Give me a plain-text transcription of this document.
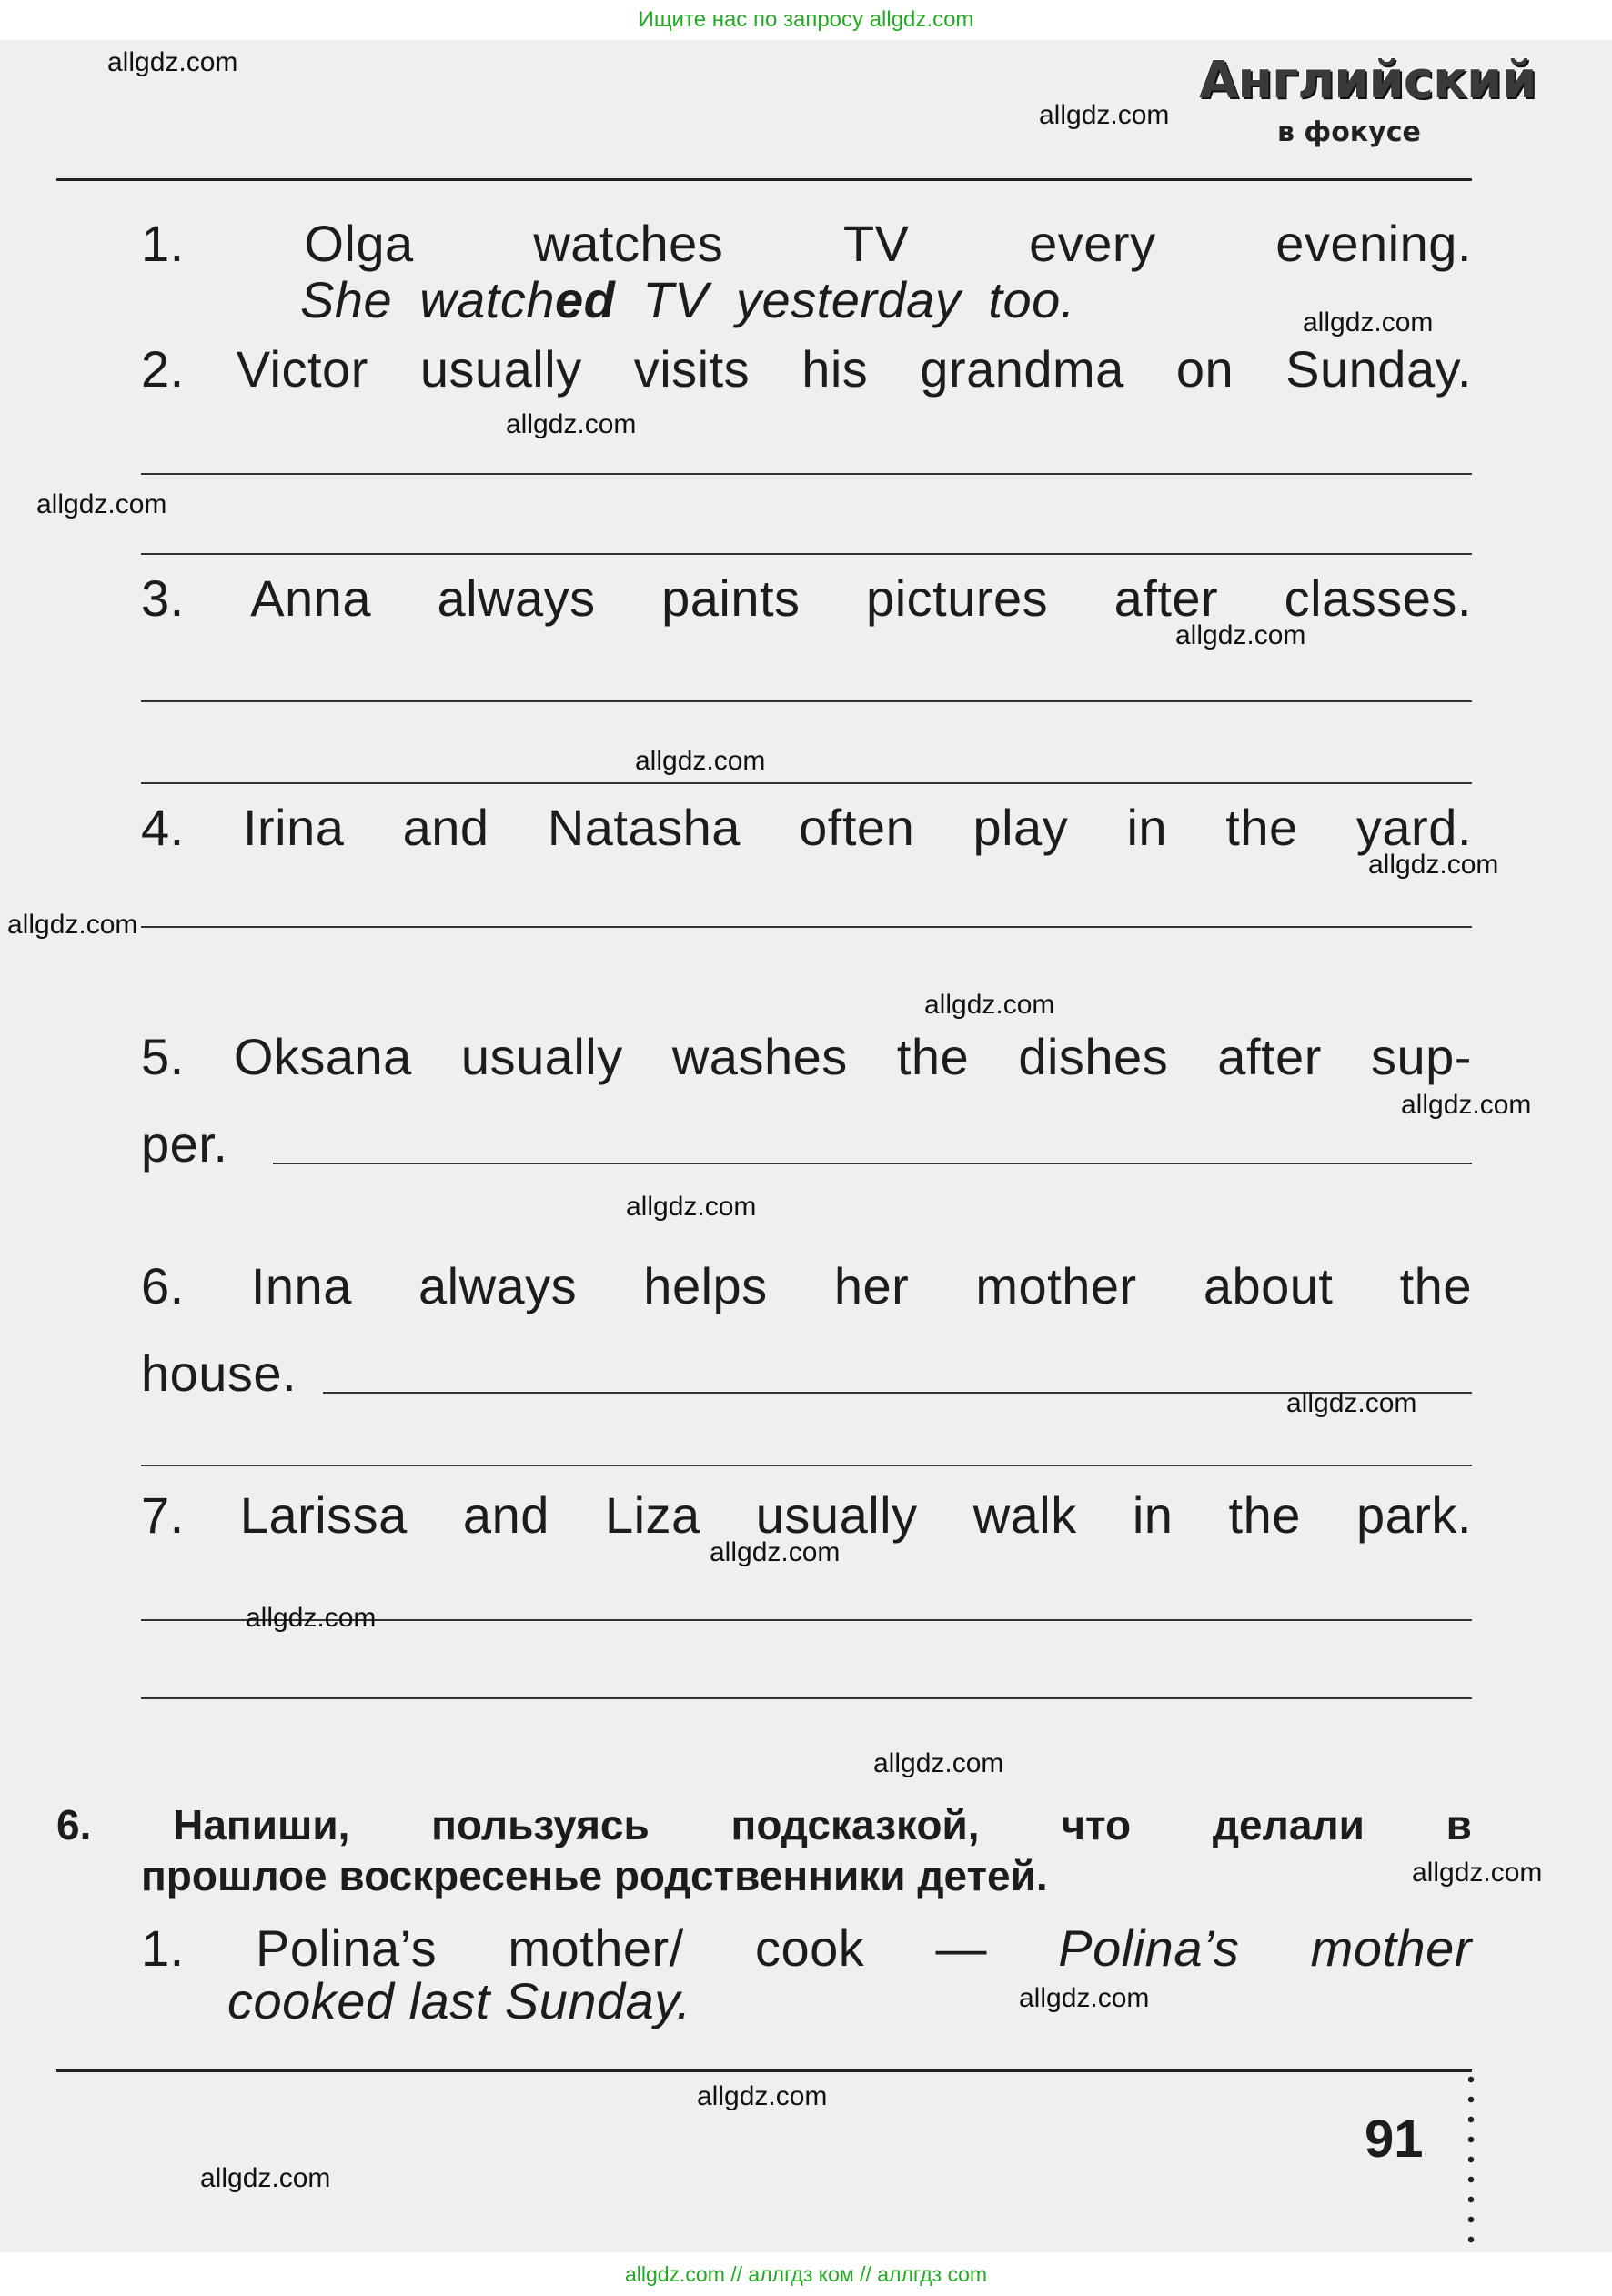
Ищите нас по запросу allgdz.com
Английский
в фокусе
1. Olga watches TV every evening.
She watched TV yesterday too.
2. Victor usually visits his grandma on Sunday.
3. Anna always paints pictures after classes.
4. Irina and Natasha often play in the yard.
5. Oksana usually washes the dishes after sup-
per.
6. Inna always helps her mother about the
house.
7. Larissa and Liza usually walk in the park.
6. Напиши, пользуясь подсказкой, что делали в
прошлое воскресенье родственники детей.
1. Polina’s mother/ cook — Polina’s mother
cooked last Sunday.
91
allgdz.com
allgdz.com
allgdz.com
allgdz.com
allgdz.com
allgdz.com
allgdz.com
allgdz.com
allgdz.com
allgdz.com
allgdz.com
allgdz.com
allgdz.com
allgdz.com
allgdz.com
allgdz.com
allgdz.com
allgdz.com
allgdz.com
allgdz.com
allgdz.com // аллгдз ком // аллгдз com
